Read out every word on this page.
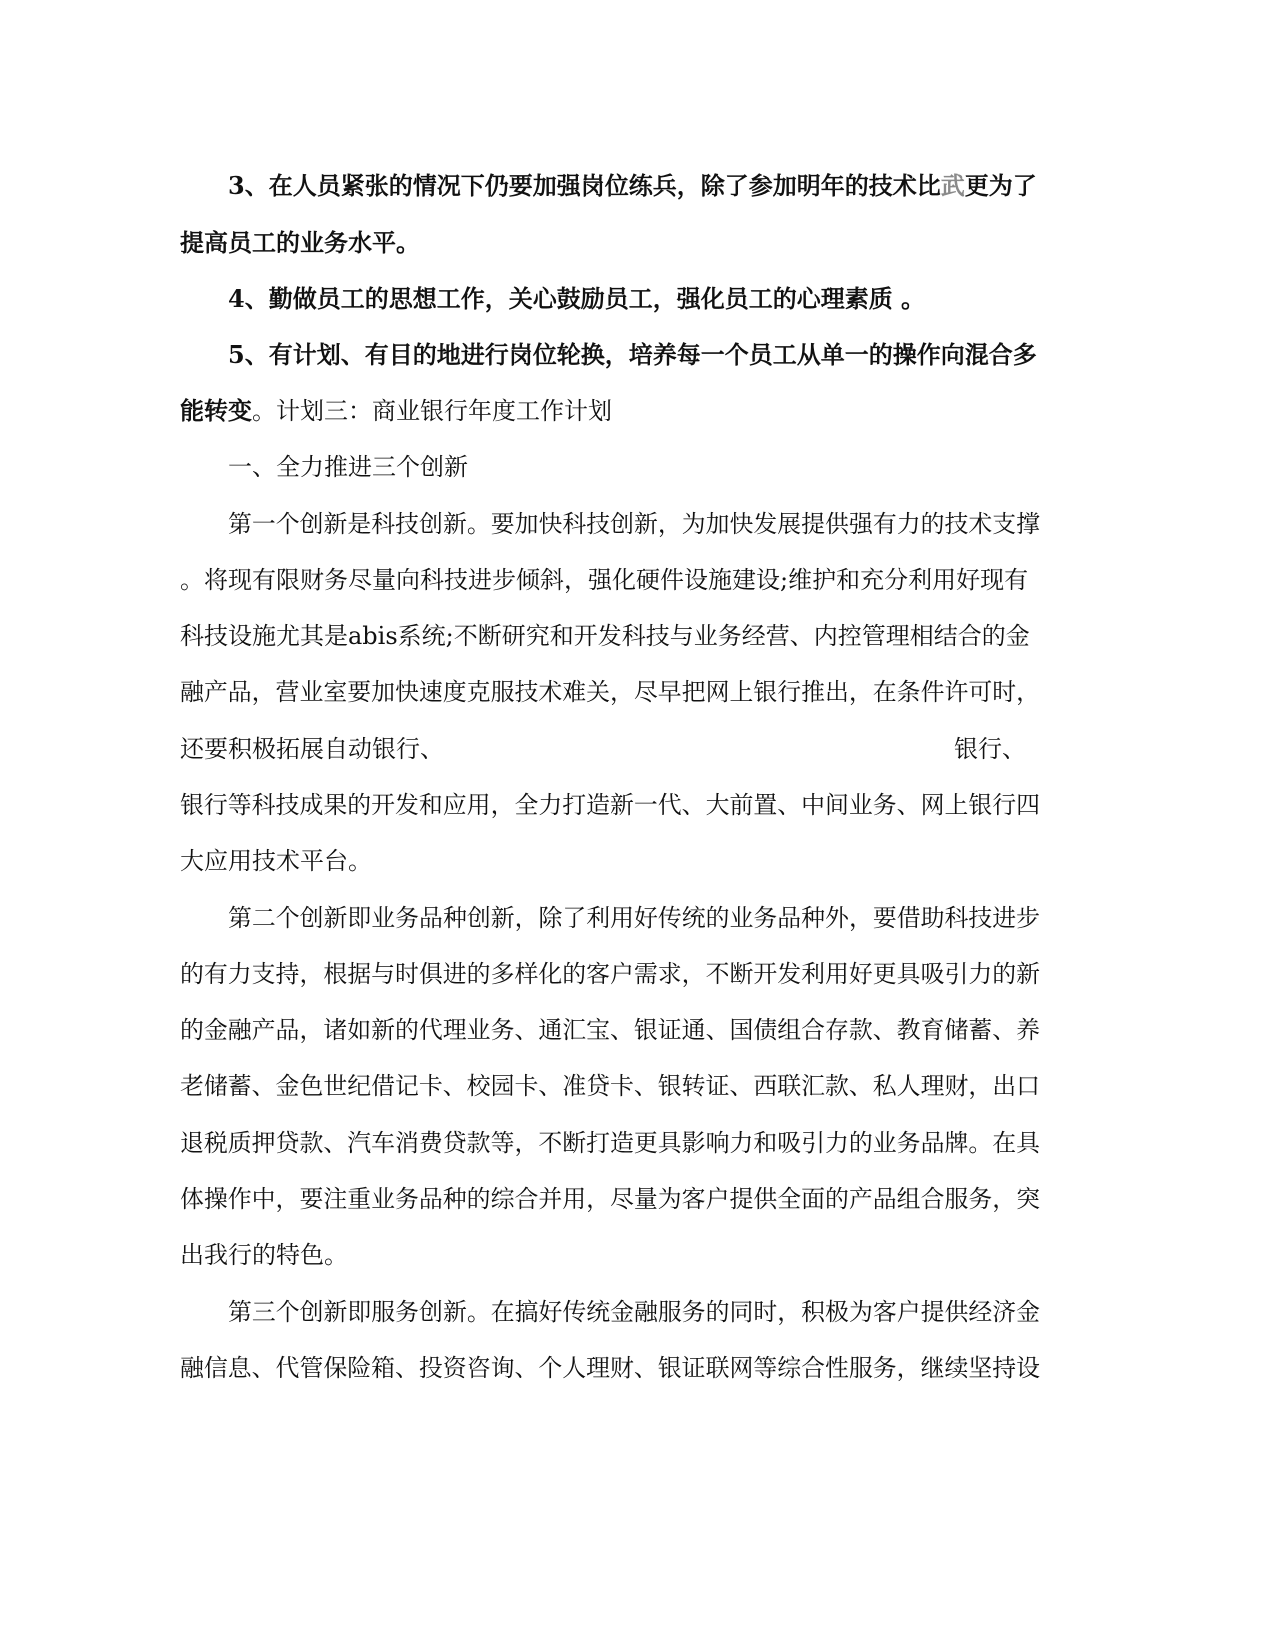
3、在人员紧张的情况下仍要加强岗位练兵，除了参加明年的技术比武更为了
提高员工的业务水平。
4、勤做员工的思想工作，关心鼓励员工，强化员工的心理素质 。
5、有计划、有目的地进行岗位轮换，培养每一个员工从单一的操作向混合多
能转变。计划三：商业银行年度工作计划
一、全力推进三个创新
第一个创新是科技创新。要加快科技创新，为加快发展提供强有力的技术支撑
。将现有限财务尽量向科技进步倾斜，强化硬件设施建设;维护和充分利用好现有
科技设施尤其是abis系统;不断研究和开发科技与业务经营、内控管理相结合的金
融产品，营业室要加快速度克服技术难关，尽早把网上银行推出，在条件许可时，
还要积极拓展自动银行、	银行、
银行等科技成果的开发和应用，全力打造新一代、大前置、中间业务、网上银行四
大应用技术平台。
第二个创新即业务品种创新，除了利用好传统的业务品种外，要借助科技进步
的有力支持，根据与时俱进的多样化的客户需求，不断开发利用好更具吸引力的新
的金融产品，诸如新的代理业务、通汇宝、银证通、国债组合存款、教育储蓄、养
老储蓄、金色世纪借记卡、校园卡、准贷卡、银转证、西联汇款、私人理财，出口
退税质押贷款、汽车消费贷款等，不断打造更具影响力和吸引力的业务品牌。在具
体操作中，要注重业务品种的综合并用，尽量为客户提供全面的产品组合服务，突
出我行的特色。
第三个创新即服务创新。在搞好传统金融服务的同时，积极为客户提供经济金
融信息、代管保险箱、投资咨询、个人理财、银证联网等综合性服务，继续坚持设
